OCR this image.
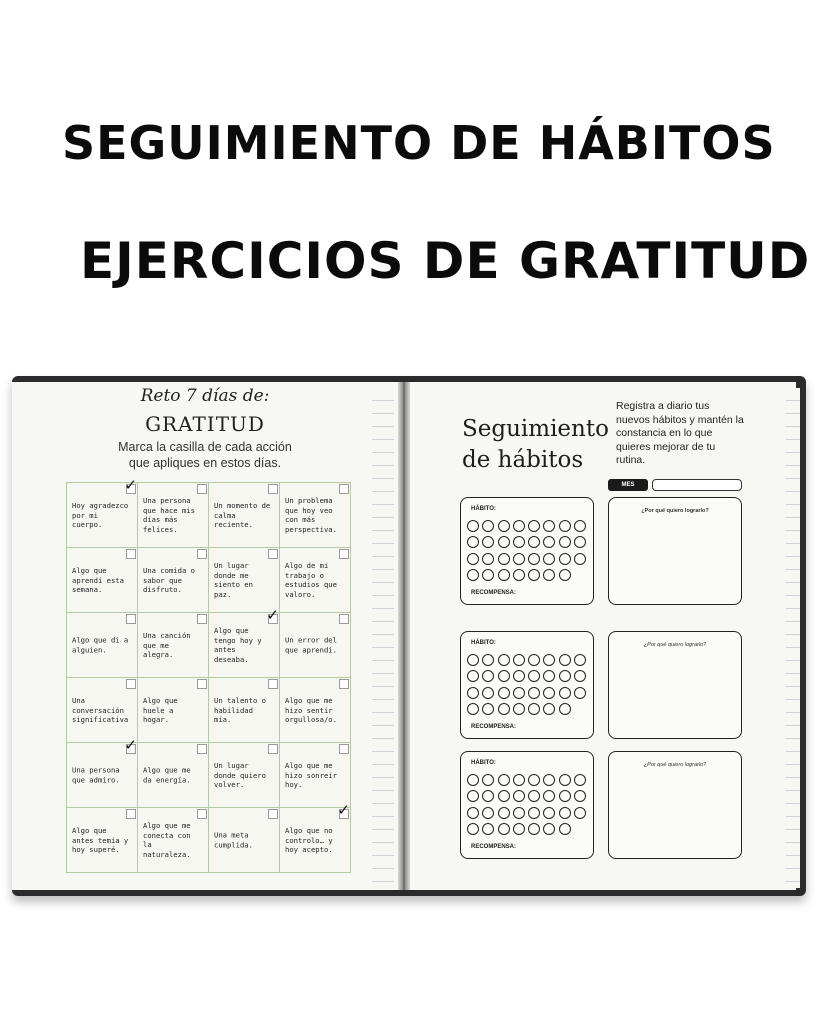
SEGUIMIENTO DE HÁBITOS
EJERCICIOS DE GRATITUD
Reto 7 días de:
GRATITUD
Marca la casilla de cada acción
que apliques en estos días.
✓
Hoy agradezco por mi cuerpo.
Una persona que hace mis días más felices.
Un momento de calma reciente.
Un problema que hoy veo con más perspectiva.
Algo que aprendí esta semana.
Una comida o sabor que disfruto.
Un lugar donde me siento en paz.
Algo de mi trabajo o estudios que valoro.
Algo que di a alguien.
Una canción que me alegra.
✓
Algo que tengo hoy y antes deseaba.
Un error del que aprendí.
Una conversación significativa
Algo que huele a hogar.
Un talento o habilidad mía.
Algo que me hizo sentir orgullosa/o.
✓
Una persona que admiro.
Algo que me da energía.
Un lugar donde quiero volver.
Algo que me hizo sonreír hoy.
Algo que antes temía y hoy superé.
Algo que me conecta con la naturaleza.
Una meta cumplida.
✓
Algo que no controlo… y hoy acepto.
Seguimiento
de hábitos
Registra a diario tus nuevos hábitos y mantén la constancia en lo que quieres mejorar de tu rutina.
MES
HÁBITO:
RECOMPENSA:
HÁBITO:
RECOMPENSA:
HÁBITO:
RECOMPENSA:
¿Por qué quiero lograrlo?
¿Por qué quiero lograrlo?
¿Por qué quiero lograrlo?
